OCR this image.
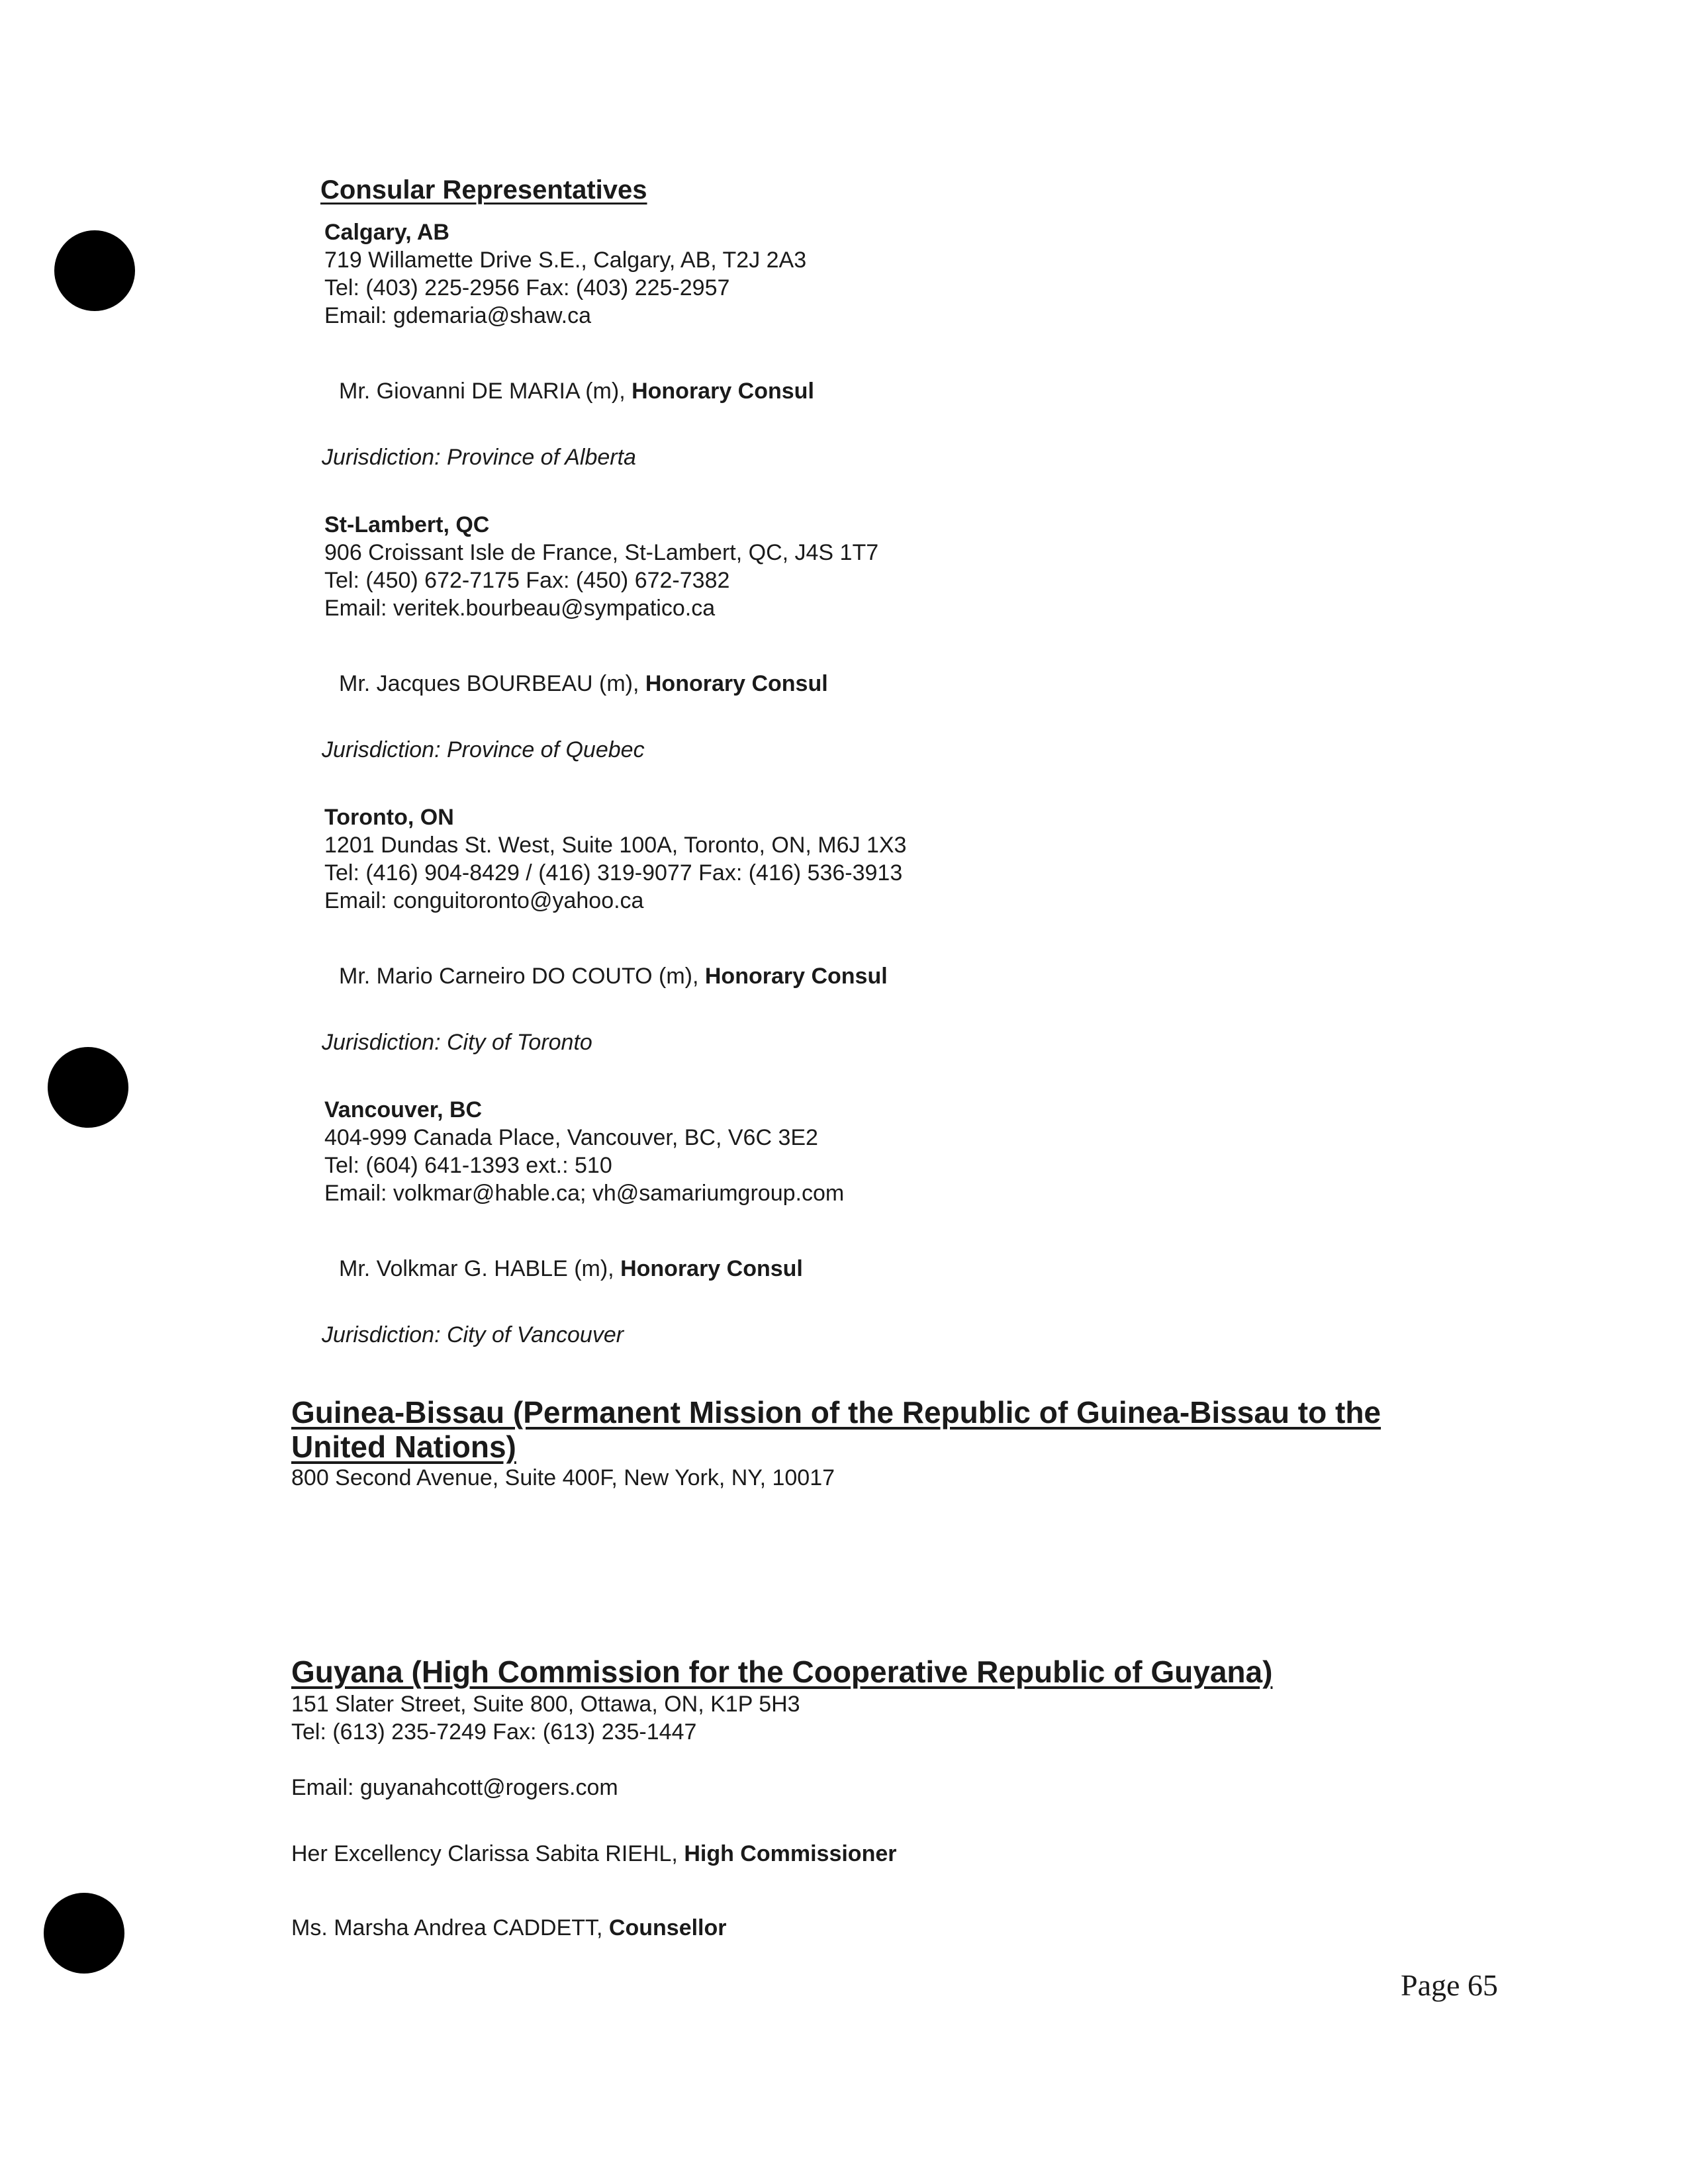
Consular Representatives
Calgary, AB
719 Willamette Drive S.E., Calgary, AB, T2J 2A3
Tel: (403) 225-2956 Fax: (403) 225-2957
Email: gdemaria@shaw.ca
Mr. Giovanni DE MARIA (m), Honorary Consul
Jurisdiction: Province of Alberta
St-Lambert, QC
906 Croissant Isle de France, St-Lambert, QC, J4S 1T7
Tel: (450) 672-7175 Fax: (450) 672-7382
Email: veritek.bourbeau@sympatico.ca
Mr. Jacques BOURBEAU (m), Honorary Consul
Jurisdiction: Province of Quebec
Toronto, ON
1201 Dundas St. West, Suite 100A, Toronto, ON, M6J 1X3
Tel: (416) 904-8429 / (416) 319-9077 Fax: (416) 536-3913
Email: conguitoronto@yahoo.ca
Mr. Mario Carneiro DO COUTO (m), Honorary Consul
Jurisdiction: City of Toronto
Vancouver, BC
404-999 Canada Place, Vancouver, BC, V6C 3E2
Tel: (604) 641-1393 ext.: 510
Email: volkmar@hable.ca; vh@samariumgroup.com
Mr. Volkmar G. HABLE (m), Honorary Consul
Jurisdiction: City of Vancouver
Guinea-Bissau (Permanent Mission of the Republic of Guinea-Bissau to the United Nations)
800 Second Avenue, Suite 400F, New York, NY, 10017
Guyana (High Commission for the Cooperative Republic of Guyana)
151 Slater Street, Suite 800, Ottawa, ON, K1P 5H3
Tel: (613) 235-7249 Fax: (613) 235-1447
Email: guyanahcott@rogers.com
Her Excellency Clarissa Sabita RIEHL, High Commissioner
Ms. Marsha Andrea CADDETT, Counsellor
Page 65
